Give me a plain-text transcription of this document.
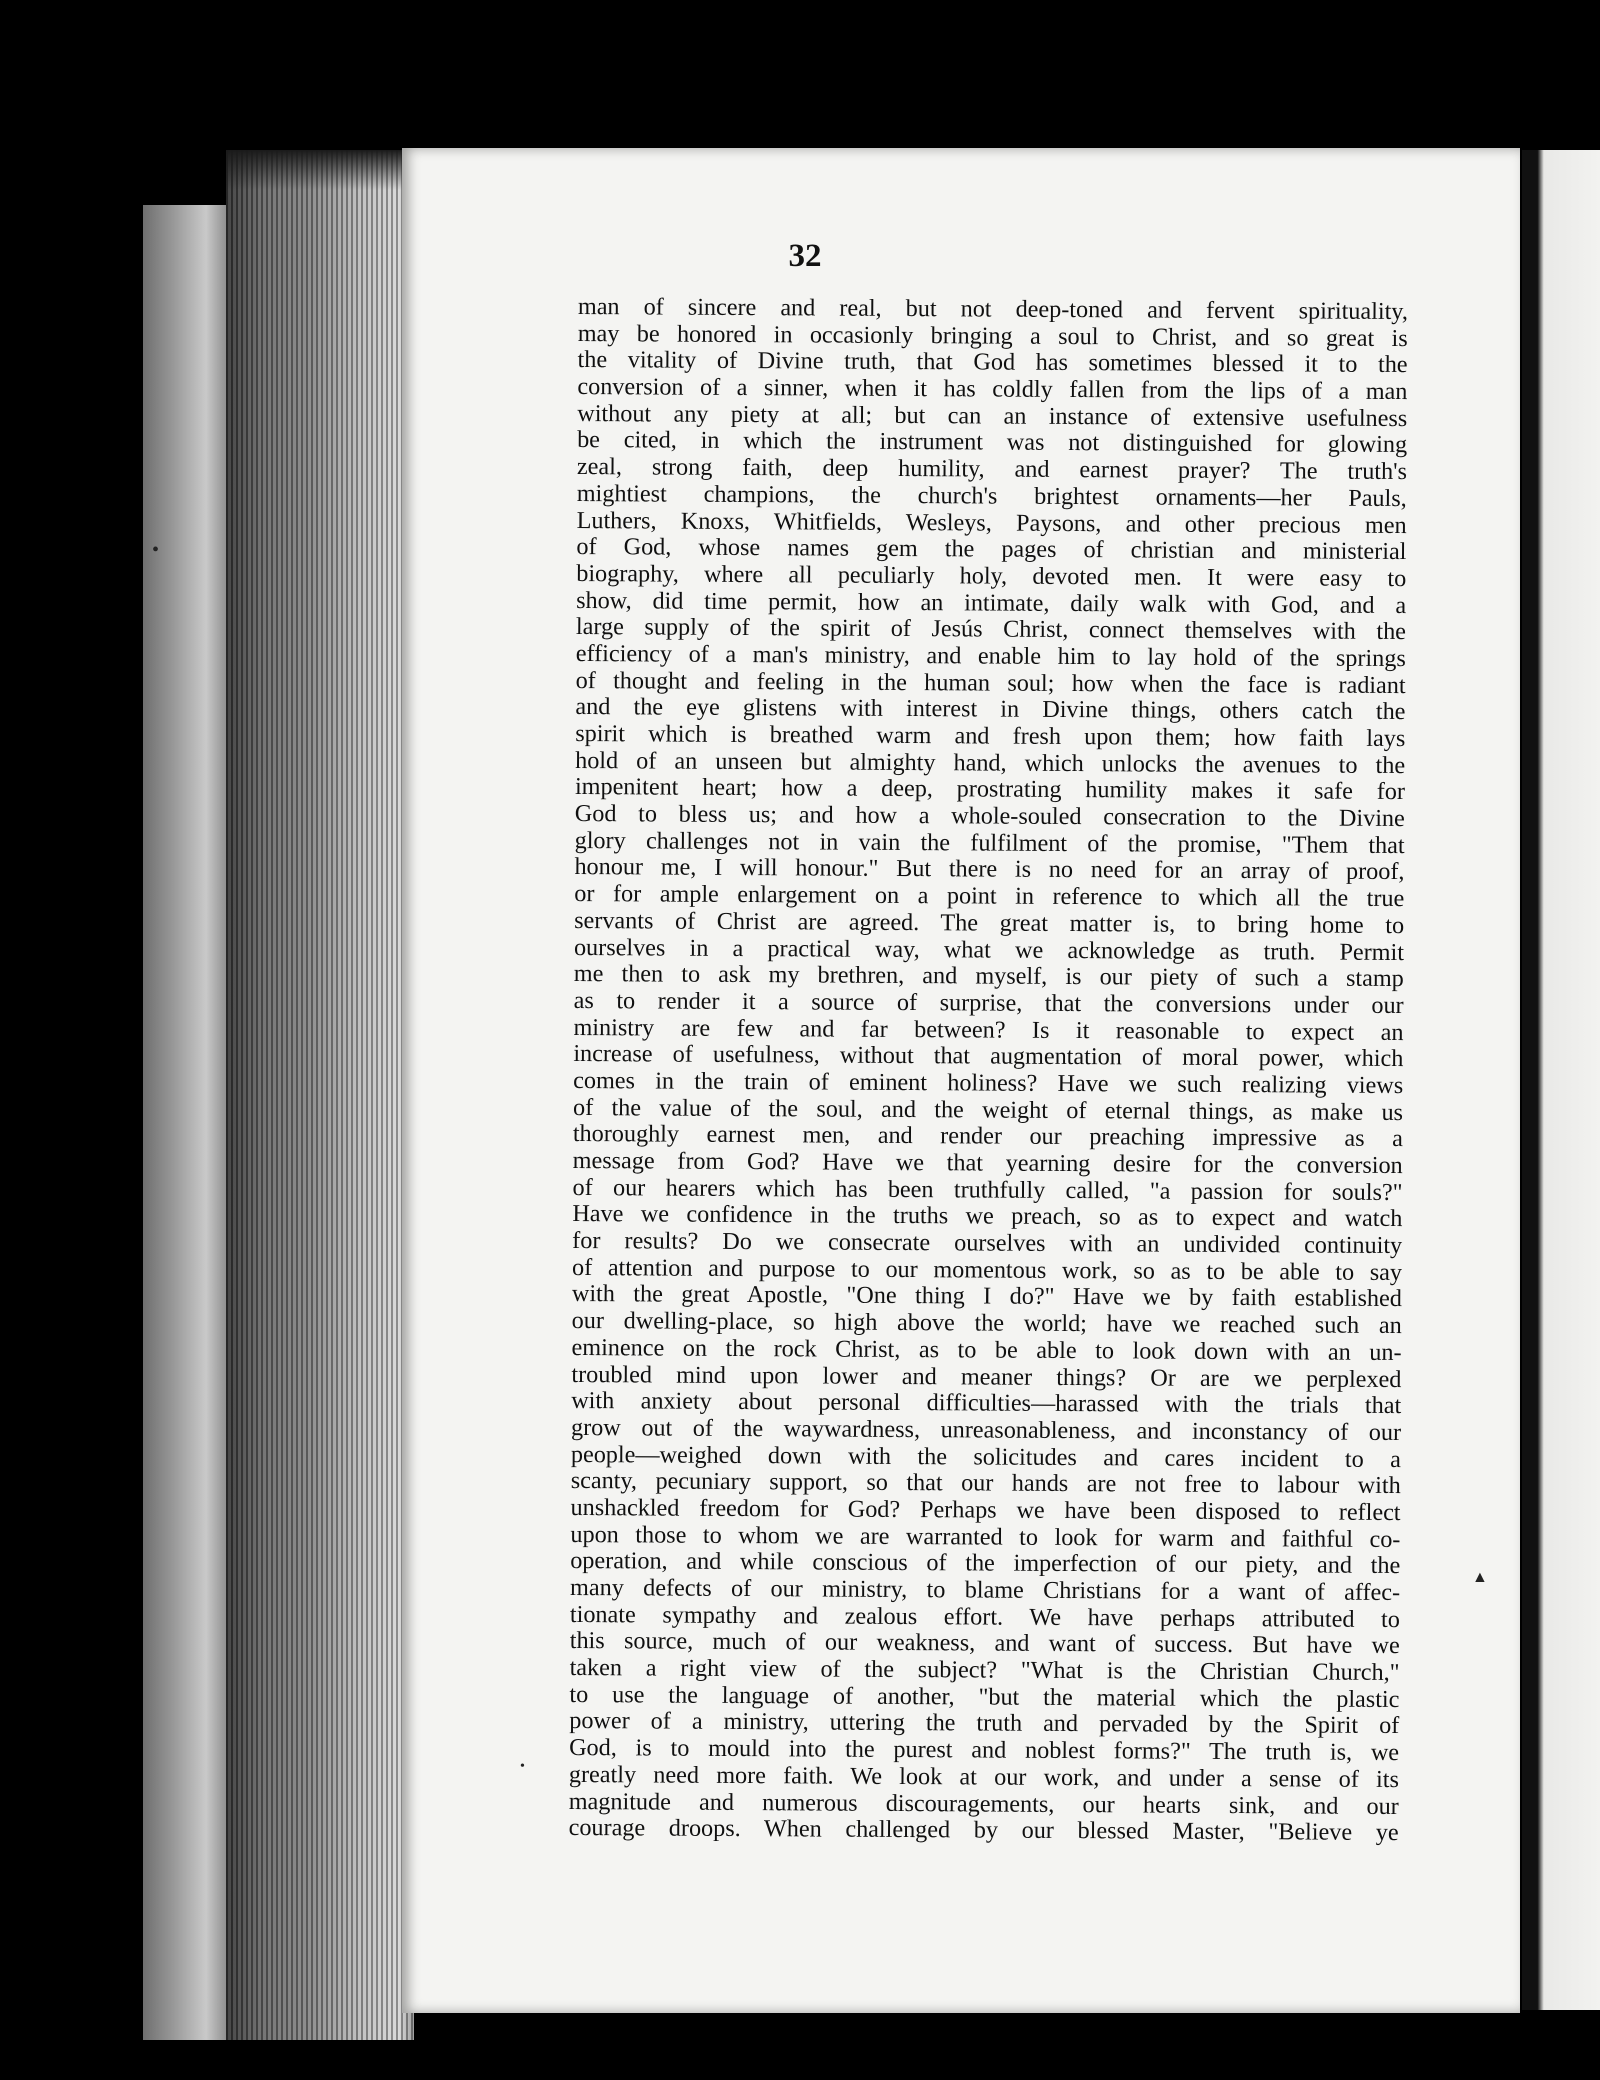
•
▲
•
32
man of sincere and real, but not deep-toned and fervent spirituality,
may be honored in occasionly bringing a soul to Christ, and so great is
the vitality of Divine truth, that God has sometimes blessed it to the
conversion of a sinner, when it has coldly fallen from the lips of a man
without any piety at all; but can an instance of extensive usefulness
be cited, in which the instrument was not distinguished for glowing
zeal, strong faith, deep humility, and earnest prayer? The truth's
mightiest champions, the church's brightest ornaments—her Pauls,
Luthers, Knoxs, Whitfields, Wesleys, Paysons, and other precious men
of God, whose names gem the pages of christian and ministerial
biography, where all peculiarly holy, devoted men. It were easy to
show, did time permit, how an intimate, daily walk with God, and a
large supply of the spirit of Jesús Christ, connect themselves with the
efficiency of a man's ministry, and enable him to lay hold of the springs
of thought and feeling in the human soul; how when the face is radiant
and the eye glistens with interest in Divine things, others catch the
spirit which is breathed warm and fresh upon them; how faith lays
hold of an unseen but almighty hand, which unlocks the avenues to the
impenitent heart; how a deep, prostrating humility makes it safe for
God to bless us; and how a whole-souled consecration to the Divine
glory challenges not in vain the fulfilment of the promise, "Them that
honour me, I will honour." But there is no need for an array of proof,
or for ample enlargement on a point in reference to which all the true
servants of Christ are agreed. The great matter is, to bring home to
ourselves in a practical way, what we acknowledge as truth. Permit
me then to ask my brethren, and myself, is our piety of such a stamp
as to render it a source of surprise, that the conversions under our
ministry are few and far between? Is it reasonable to expect an
increase of usefulness, without that augmentation of moral power, which
comes in the train of eminent holiness? Have we such realizing views
of the value of the soul, and the weight of eternal things, as make us
thoroughly earnest men, and render our preaching impressive as a
message from God? Have we that yearning desire for the conversion
of our hearers which has been truthfully called, "a passion for souls?"
Have we confidence in the truths we preach, so as to expect and watch
for results? Do we consecrate ourselves with an undivided continuity
of attention and purpose to our momentous work, so as to be able to say
with the great Apostle, "One thing I do?" Have we by faith established
our dwelling-place, so high above the world; have we reached such an
eminence on the rock Christ, as to be able to look down with an un-
troubled mind upon lower and meaner things? Or are we perplexed
with anxiety about personal difficulties—harassed with the trials that
grow out of the waywardness, unreasonableness, and inconstancy of our
people—weighed down with the solicitudes and cares incident to a
scanty, pecuniary support, so that our hands are not free to labour with
unshackled freedom for God? Perhaps we have been disposed to reflect
upon those to whom we are warranted to look for warm and faithful co-
operation, and while conscious of the imperfection of our piety, and the
many defects of our ministry, to blame Christians for a want of affec-
tionate sympathy and zealous effort. We have perhaps attributed to
this source, much of our weakness, and want of success. But have we
taken a right view of the subject? "What is the Christian Church,"
to use the language of another, "but the material which the plastic
power of a ministry, uttering the truth and pervaded by the Spirit of
God, is to mould into the purest and noblest forms?" The truth is, we
greatly need more faith. We look at our work, and under a sense of its
magnitude and numerous discouragements, our hearts sink, and our
courage droops. When challenged by our blessed Master, "Believe ye
